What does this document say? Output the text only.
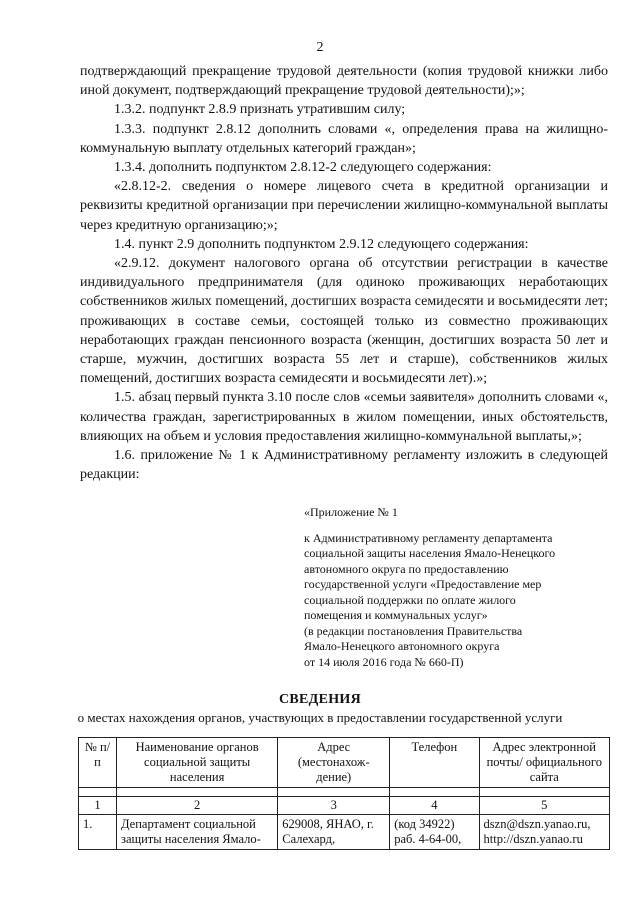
2

подтверждающий прекращение трудовой деятельности (копия трудовой книжки либо иной документ, подтверждающий прекращение трудовой деятельности);»;

1.3.2. подпункт 2.8.9 признать утратившим силу;

1.3.3. подпункт 2.8.12 дополнить словами «, определения права на жилищно-коммунальную выплату отдельных категорий граждан»;

1.3.4. дополнить подпунктом 2.8.12-2 следующего содержания:

«2.8.12-2. сведения о номере лицевого счета в кредитной организации и реквизиты кредитной организации при перечислении жилищно-коммунальной выплаты через кредитную организацию;»;

1.4. пункт 2.9 дополнить подпунктом 2.9.12 следующего содержания:

«2.9.12. документ налогового органа об отсутствии регистрации в качестве индивидуального предпринимателя (для одиноко проживающих неработающих собственников жилых помещений, достигших возраста семидесяти и восьмидесяти лет; проживающих в составе семьи, состоящей только из совместно проживающих неработающих граждан пенсионного возраста (женщин, достигших возраста 50 лет и старше, мужчин, достигших возраста 55 лет и старше), собственников жилых помещений, достигших возраста семидесяти и восьмидесяти лет).»;

1.5. абзац первый пункта 3.10 после слов «семьи заявителя» дополнить словами «, количества граждан, зарегистрированных в жилом помещении, иных обстоятельств, влияющих на объем и условия предоставления жилищно-коммунальной выплаты,»;

1.6. приложение № 1 к Административному регламенту изложить в следующей редакции:

«Приложение № 1
к Административному регламенту департамента
социальной защиты населения Ямало-Ненецкого
автономного округа по предоставлению
государственной услуги «Предоставление мер
социальной поддержки по оплате жилого
помещения и коммунальных услуг»
(в редакции постановления Правительства
Ямало-Ненецкого автономного округа
от 14 июля 2016 года № 660-П)
СВЕДЕНИЯ
о местах нахождения органов, участвующих в предоставлении государственной услуги
№ п/п	Наименование органов социальной защиты населения	Адрес (местонахож-дение)	Телефон	Адрес электронной почты/ официального сайта

1	2	3	4	5
1.	Департамент социальной защиты населения Ямало-	629008, ЯНАО, г. Салехард,	(код 34922) раб. 4-64-00,	dszn@dszn.yanao.ru, http://dszn.yanao.ru
